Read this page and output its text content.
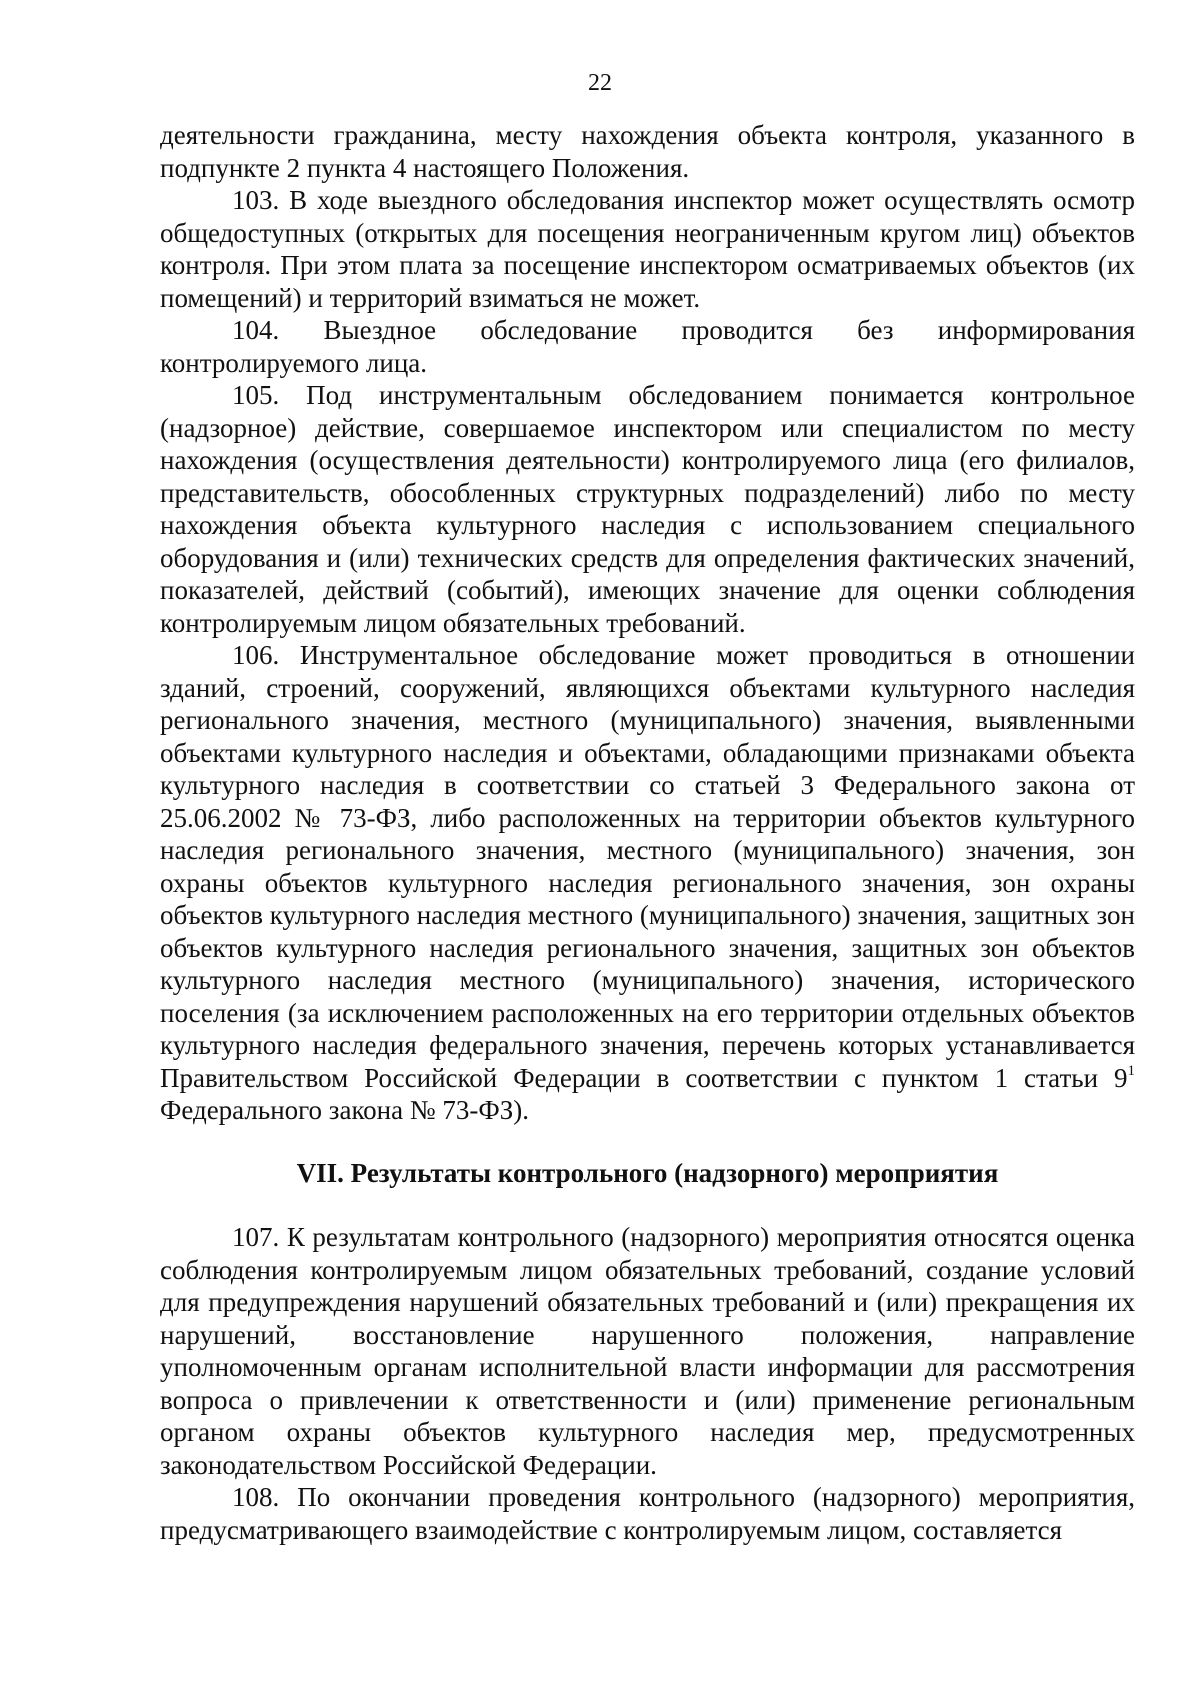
22

деятельности гражданина, месту нахождения объекта контроля, указанного в подпункте 2 пункта 4 настоящего Положения.

103. В ходе выездного обследования инспектор может осуществлять осмотр общедоступных (открытых для посещения неограниченным кругом лиц) объектов контроля. При этом плата за посещение инспектором осматриваемых объектов (их помещений) и территорий взиматься не может.

104. Выездное обследование проводится без информирования контролируемого лица.

105. Под инструментальным обследованием понимается контрольное (надзорное) действие, совершаемое инспектором или специалистом по месту нахождения (осуществления деятельности) контролируемого лица (его филиалов, представительств, обособленных структурных подразделений) либо по месту нахождения объекта культурного наследия с использованием специального оборудования и (или) технических средств для определения фактических значений, показателей, действий (событий), имеющих значение для оценки соблюдения контролируемым лицом обязательных требований.

106. Инструментальное обследование может проводиться в отношении зданий, строений, сооружений, являющихся объектами культурного наследия регионального значения, местного (муниципального) значения, выявленными объектами культурного наследия и объектами, обладающими признаками объекта культурного наследия в соответствии со статьей 3 Федерального закона от 25.06.2002 № 73-ФЗ, либо расположенных на территории объектов культурного наследия регионального значения, местного (муниципального) значения, зон охраны объектов культурного наследия регионального значения, зон охраны объектов культурного наследия местного (муниципального) значения, защитных зон объектов культурного наследия регионального значения, защитных зон объектов культурного наследия местного (муниципального) значения, исторического поселения (за исключением расположенных на его территории отдельных объектов культурного наследия федерального значения, перечень которых устанавливается Правительством Российской Федерации в соответствии с пунктом 1 статьи $9^1$ Федерального закона № 73-ФЗ).

VII. Результаты контрольного (надзорного) мероприятия

107. К результатам контрольного (надзорного) мероприятия относятся оценка соблюдения контролируемым лицом обязательных требований, создание условий для предупреждения нарушений обязательных требований и (или) прекращения их нарушений, восстановление нарушенного положения, направление уполномоченным органам исполнительной власти информации для рассмотрения вопроса о привлечении к ответственности и (или) применение региональным органом охраны объектов культурного наследия мер, предусмотренных законодательством Российской Федерации.

108. По окончании проведения контрольного (надзорного) мероприятия, предусматривающего взаимодействие с контролируемым лицом, составляется
